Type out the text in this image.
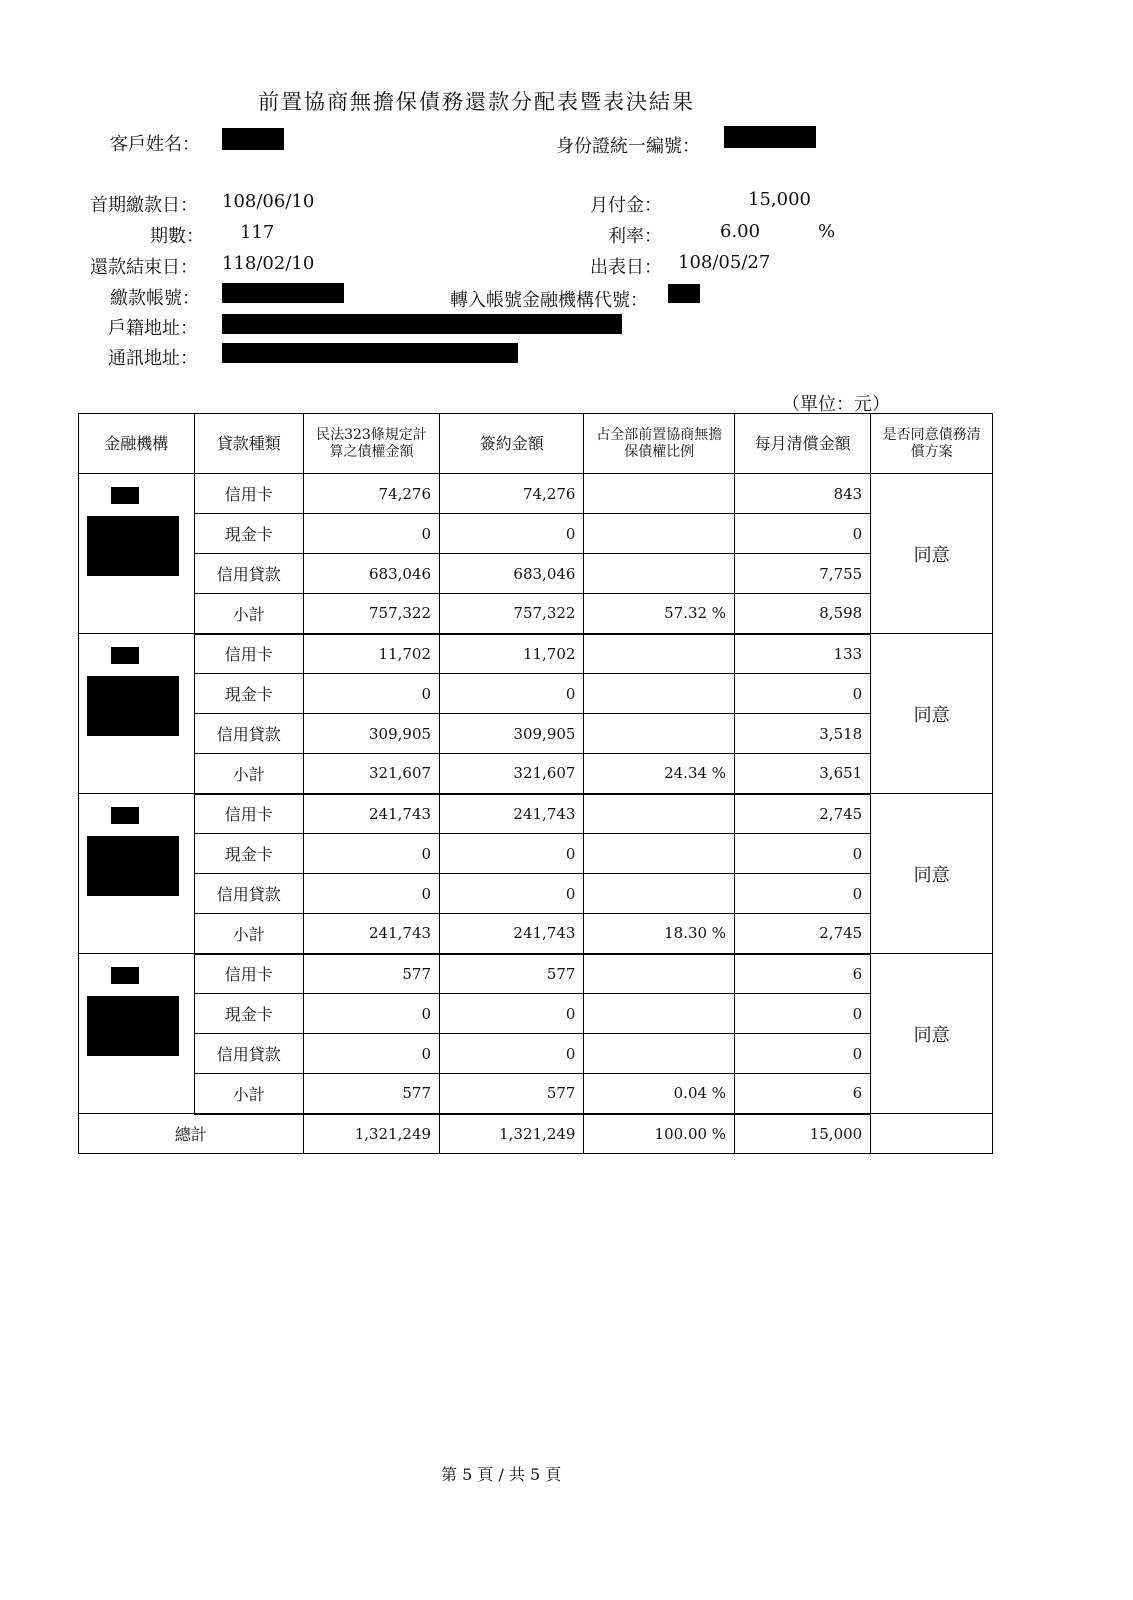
前置協商無擔保債務還款分配表暨表決結果
客戶姓名：	身份證統一編號：
首期繳款日： 108/06/10	月付金：	15,000
期數： 117	利率：	6.00	%
還款結束日： 118/02/10	出表日： 108/05/27
繳款帳號：	轉入帳號金融機構代號：
戶籍地址：
通訊地址：
（單位：元）
金融機構	貸款種類	民法323條規定計算之債權金額	簽約金額	占全部前置協商無擔保債權比例	每月清償金額	是否同意債務清償方案

	信用卡	74,276	74,276		843	同意
	現金卡	0	0		0	
	信用貸款	683,046	683,046		7,755	
	小計	757,322	757,322	57.32 %	8,598	

	信用卡	11,702	11,702		133	同意
	現金卡	0	0		0	
	信用貸款	309,905	309,905		3,518	
	小計	321,607	321,607	24.34 %	3,651	

	信用卡	241,743	241,743		2,745	同意
	現金卡	0	0		0	
	信用貸款	0	0		0	
	小計	241,743	241,743	18.30 %	2,745	

	信用卡	577	577		6	同意
	現金卡	0	0		0	
	信用貸款	0	0		0	
	小計	577	577	0.04 %	6	
總計		1,321,249	1,321,249	100.00 %	15,000	
第 5 頁 / 共 5 頁
